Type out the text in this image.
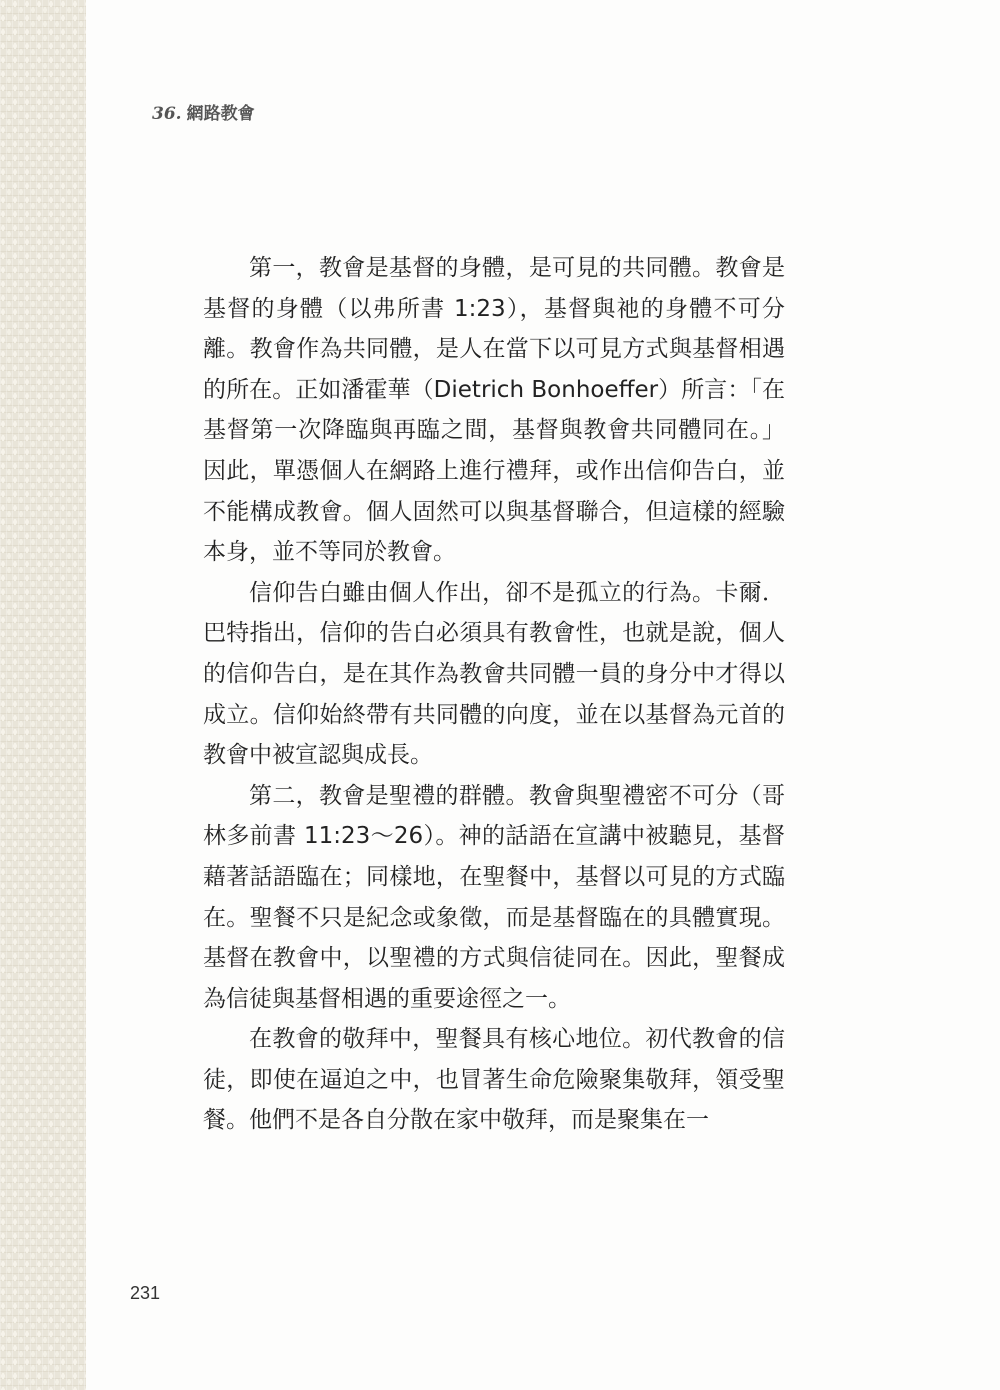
36. 網路教會

第一，教會是基督的身體，是可見的共同體。教會是基督的身體（以弗所書 1:23），基督與祂的身體不可分離。教會作為共同體，是人在當下以可見方式與基督相遇的所在。正如潘霍華（Dietrich Bonhoeffer）所言：「在基督第一次降臨與再臨之間，基督與教會共同體同在。」因此，單憑個人在網路上進行禮拜，或作出信仰告白，並不能構成教會。個人固然可以與基督聯合，但這樣的經驗本身，並不等同於教會。

信仰告白雖由個人作出，卻不是孤立的行為。卡爾．巴特指出，信仰的告白必須具有教會性，也就是說，個人的信仰告白，是在其作為教會共同體一員的身分中才得以成立。信仰始終帶有共同體的向度，並在以基督為元首的教會中被宣認與成長。

第二，教會是聖禮的群體。教會與聖禮密不可分（哥林多前書 11:23～26）。神的話語在宣講中被聽見，基督藉著話語臨在；同樣地，在聖餐中，基督以可見的方式臨在。聖餐不只是紀念或象徵，而是基督臨在的具體實現。基督在教會中，以聖禮的方式與信徒同在。因此，聖餐成為信徒與基督相遇的重要途徑之一。

在教會的敬拜中，聖餐具有核心地位。初代教會的信徒，即使在逼迫之中，也冒著生命危險聚集敬拜，領受聖餐。他們不是各自分散在家中敬拜，而是聚集在一

231
